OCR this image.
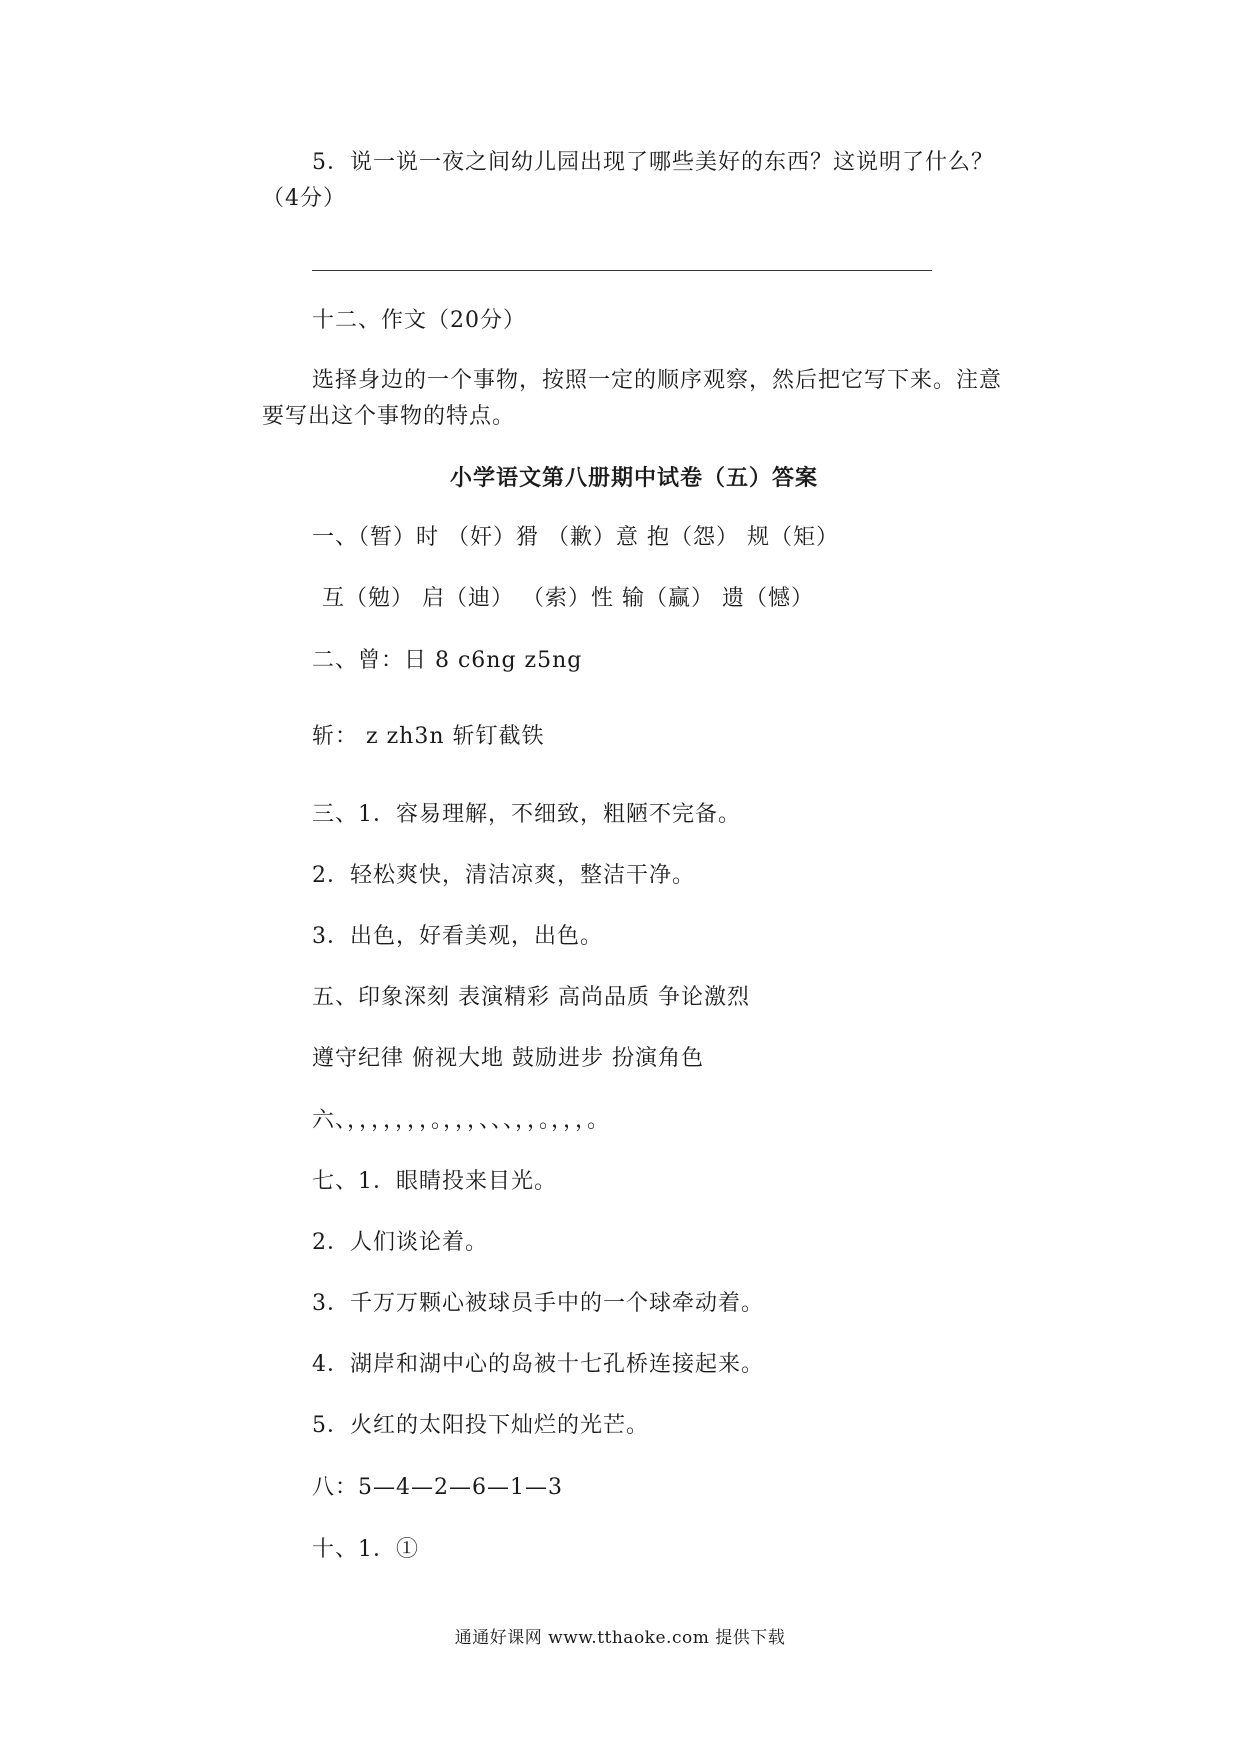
5．说一说一夜之间幼儿园出现了哪些美好的东西？这说明了什么？
（4分）
十二、作文（20分）
选择身边的一个事物，按照一定的顺序观察，然后把它写下来。注意
要写出这个事物的特点。
小学语文第八册期中试卷（五）答案
一、（暂）时 （奸）猾 （歉）意 抱（怨） 规（矩）
互（勉） 启（迪） （索）性 输（赢） 遗（憾）
二、曾：日 8 c6ng z5ng
斩： z zh3n 斩钉截铁
三、1．容易理解，不细致，粗陋不完备。
2．轻松爽快，清洁凉爽，整洁干净。
3．出色，好看美观，出色。
五、印象深刻 表演精彩 高尚品质 争论激烈
遵守纪律 俯视大地 鼓励进步 扮演角色
六、，，，，，，，。，，，、、、，，。，，，。
七、1．眼睛投来目光。
2．人们谈论着。
3．千万万颗心被球员手中的一个球牵动着。
4．湖岸和湖中心的岛被十七孔桥连接起来。
5．火红的太阳投下灿烂的光芒。
八：5—4—2—6—1—3
十、1．①
通通好课网 www.tthaoke.com 提供下载
